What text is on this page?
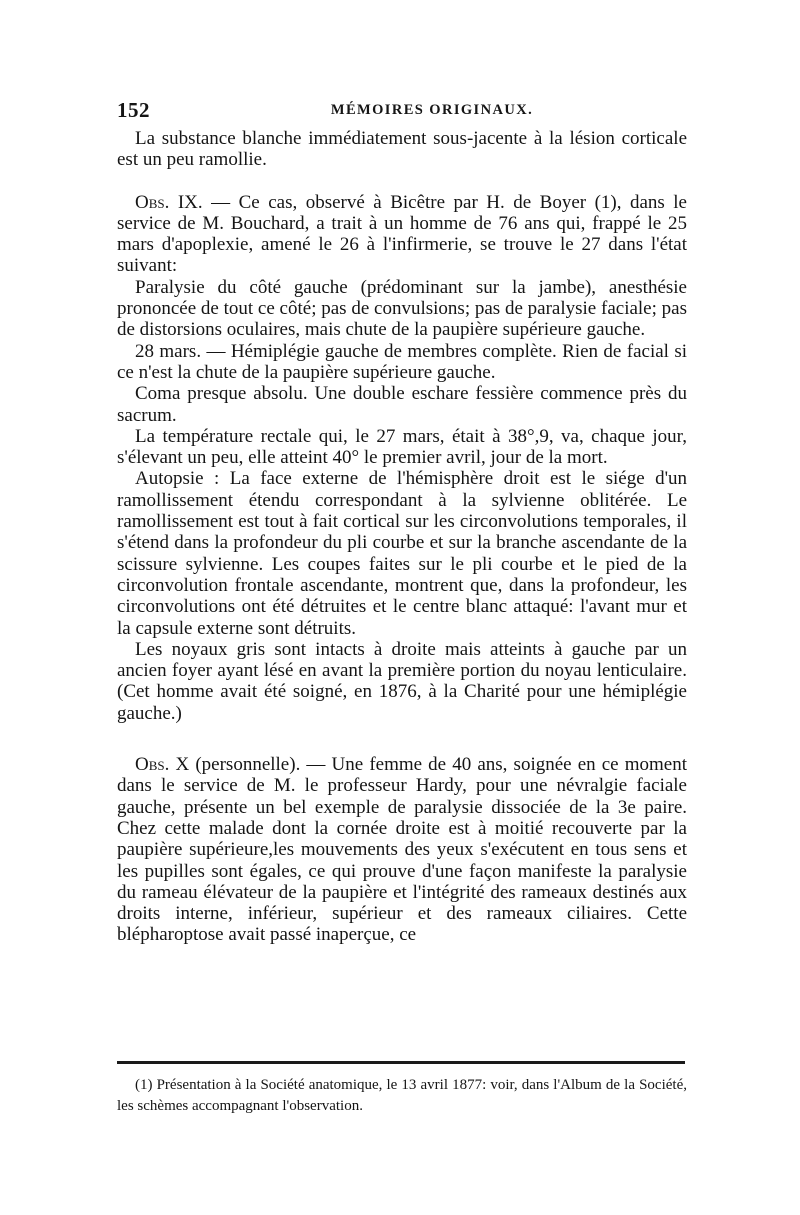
152	MÉMOIRES ORIGINAUX.

La substance blanche immédiatement sous-jacente à la lésion corticale est un peu ramollie.

Obs. IX. — Ce cas, observé à Bicêtre par H. de Boyer (1), dans le service de M. Bouchard, a trait à un homme de 76 ans qui, frappé le 25 mars d'apoplexie, amené le 26 à l'infirmerie, se trouve le 27 dans l'état suivant:

Paralysie du côté gauche (prédominant sur la jambe), anesthésie prononcée de tout ce côté; pas de convulsions; pas de paralysie faciale; pas de distorsions oculaires, mais chute de la paupière supérieure gauche.

28 mars. — Hémiplégie gauche de membres complète. Rien de facial si ce n'est la chute de la paupière supérieure gauche.

Coma presque absolu. Une double eschare fessière commence près du sacrum.

La température rectale qui, le 27 mars, était à 38°,9, va, chaque jour, s'élevant un peu, elle atteint 40° le premier avril, jour de la mort.

Autopsie : La face externe de l'hémisphère droit est le siége d'un ramollissement étendu correspondant à la sylvienne oblitérée. Le ramollissement est tout à fait cortical sur les circonvolutions temporales, il s'étend dans la profondeur du pli courbe et sur la branche ascendante de la scissure sylvienne. Les coupes faites sur le pli courbe et le pied de la circonvolution frontale ascendante, montrent que, dans la profondeur, les circonvolutions ont été détruites et le centre blanc attaqué: l'avant mur et la capsule externe sont détruits.

Les noyaux gris sont intacts à droite mais atteints à gauche par un ancien foyer ayant lésé en avant la première portion du noyau lenticulaire. (Cet homme avait été soigné, en 1876, à la Charité pour une hémiplégie gauche.)

Obs. X (personnelle). — Une femme de 40 ans, soignée en ce moment dans le service de M. le professeur Hardy, pour une névralgie faciale gauche, présente un bel exemple de paralysie dissociée de la 3e paire. Chez cette malade dont la cornée droite est à moitié recouverte par la paupière supérieure,les mouvements des yeux s'exécutent en tous sens et les pupilles sont égales, ce qui prouve d'une façon manifeste la paralysie du rameau élévateur de la paupière et l'intégrité des rameaux destinés aux droits interne, inférieur, supérieur et des rameaux ciliaires. Cette blépharoptose avait passé inaperçue, ce

(1) Présentation à la Société anatomique, le 13 avril 1877: voir, dans l'Album de la Société, les schèmes accompagnant l'observation.
